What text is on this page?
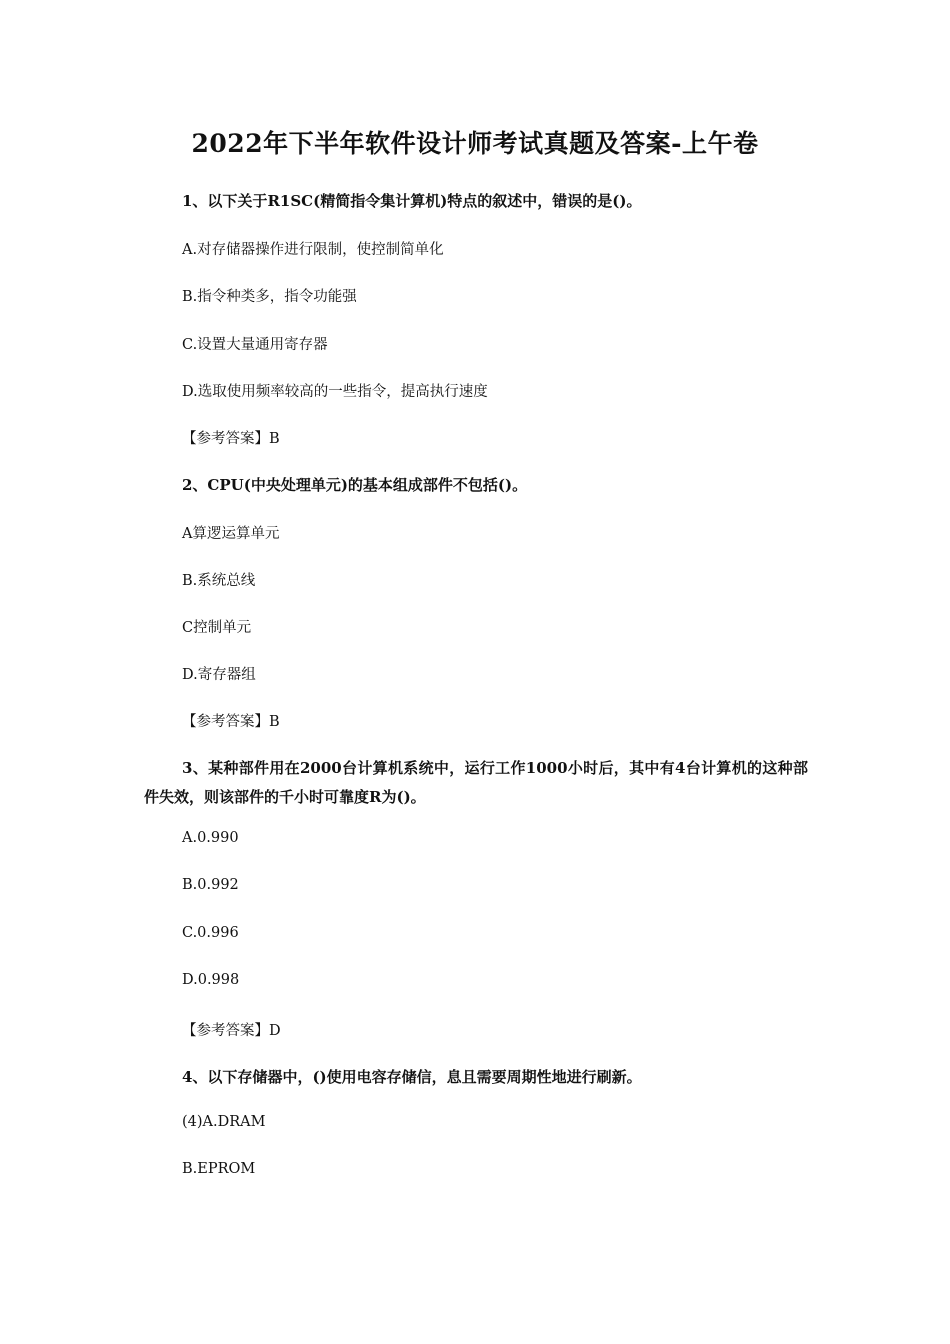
2022年下半年软件设计师考试真题及答案-上午卷
1、以下关于R1SC(精简指令集计算机)特点的叙述中，错误的是()。
A.对存储器操作进行限制，使控制简单化
B.指令种类多，指令功能强
C.设置大量通用寄存器
D.选取使用频率较高的一些指令，提高执行速度
【参考答案】B
2、CPU(中央处理单元)的基本组成部件不包括()。
A算逻运算单元
B.系统总线
C控制单元
D.寄存器组
【参考答案】B
3、某种部件用在2000台计算机系统中，运行工作1000小时后，其中有4台计算机的这种部件失效，则该部件的千小时可靠度R为()。
A.0.990
B.0.992
C.0.996
D.0.998
【参考答案】D
4、以下存储器中，()使用电容存储信，息且需要周期性地进行刷新。
(4)A.DRAM
B.EPROM
